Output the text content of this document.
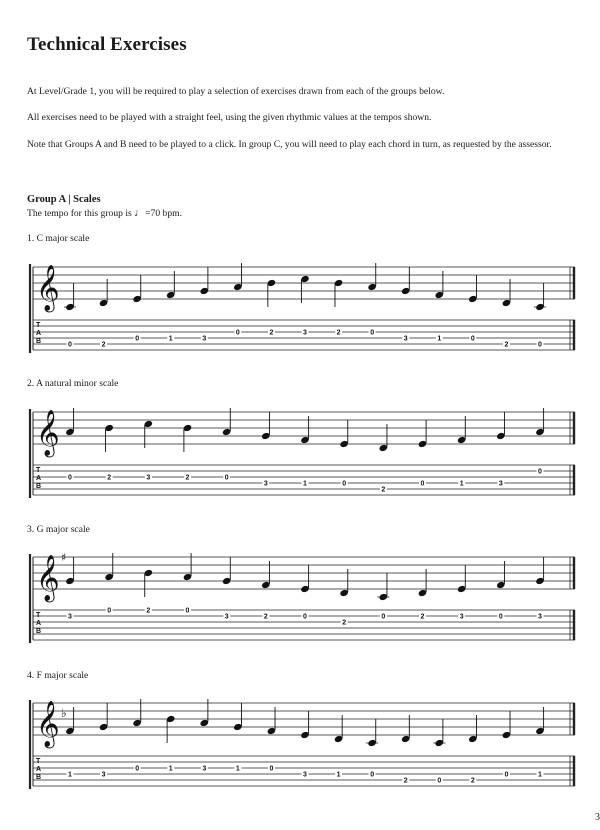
Technical Exercises
At Level/Grade 1, you will be required to play a selection of exercises drawn from each of the groups below.
All exercises need to be played with a straight feel, using the given rhythmic values at the tempos shown.
Note that Groups A and B need to be played to a click. In group C, you will need to play each chord in turn, as requested by the assessor.
Group A | Scales
The tempo for this group is ♩=70 bpm.
1. C major scale
2. A natural minor scale
3. G major scale
4. F major scale
𝄞
T
A
B	0	2
0	1	3
0	2	3	2	0
3	1	0
2	0
𝄞
T
A
B
0	2	3	2	0
3	1	0
2
0	1	3
0
𝄞 ♯
T
A
B
3
0	2	0
3	2	0
2
0	2	3	0	3
𝄞 ♭
T
A
B	1	3
0	1	3	1	0
3	1	0
2	0	2
0	1
3
